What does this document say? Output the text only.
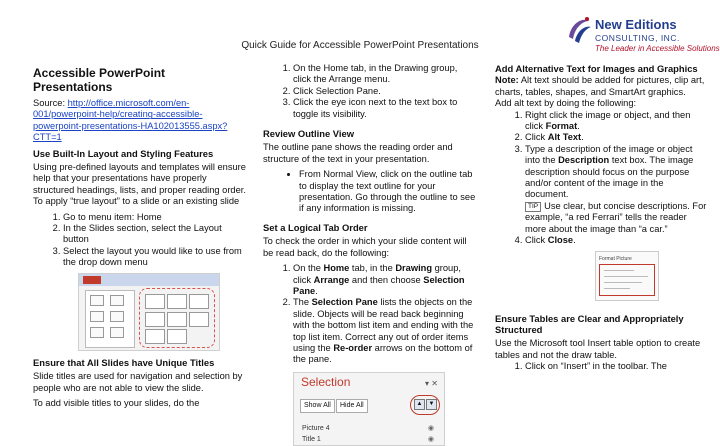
Quick Guide for Accessible PowerPoint Presentations
New Editions
CONSULTING, INC.
The Leader in Accessible Solutions
Accessible PowerPoint Presentations

Source: http://office.microsoft.com/en-001/powerpoint-help/creating-accessible-powerpoint-presentations-HA102013555.aspx?CTT=1

Use Built-In Layout and Styling Features

Using pre-defined layouts and templates will ensure help that your presentations have properly structured headings, lists, and proper reading order.
To apply “true layout” to a slide or an existing slide

1. Go to menu item: Home
2. In the Slides section, select the Layout button
3. Select the layout you would like to use from the drop down menu
Ensure that All Slides have Unique Titles

Slide titles are used for navigation and selection by people who are not able to view the slide.

To add visible titles to your slides, do the

1. On the Home tab, in the Drawing group, click the Arrange menu.
2. Click Selection Pane.
3. Click the eye icon next to the text box to toggle its visibility.
Review Outline View

The outline pane shows the reading order and structure of the text in your presentation.

• From Normal View, click on the outline tab to display the text outline for your presentation. Go through the outline to see if any information is missing.
Set a Logical Tab Order

To check the order in which your slide content will be read back, do the following:

1. On the Home tab, in the Drawing group, click Arrange and then choose Selection Pane.
2. The Selection Pane lists the objects on the slide. Objects will be read back beginning with the bottom list item and ending with the top list item. Correct any out of order items using the Re-order arrows on the bottom of the pane.
Selection	▾ ✕
Show All	Hide All	▲	▼
Picture 4	◉
Title 1	◉
Add Alternative Text for Images and Graphics

Note: Alt text should be added for pictures, clip art, charts, tables, shapes, and SmartArt graphics.

Add alt text by doing the following:

1. Right click the image or object, and then click Format.
2. Click Alt Text.
3. Type a description of the image or object into the Description text box. The image description should focus on the purpose and/or content of the image in the document.
TIP Use clear, but concise descriptions. For example, “a red Ferrari” tells the reader more about the image than “a car.”
4. Click Close.
Format Picture
Ensure Tables are Clear and Appropriately Structured

Use the Microsoft tool Insert table option to create tables and not the draw table.

1. Click on “Insert” in the toolbar. The
